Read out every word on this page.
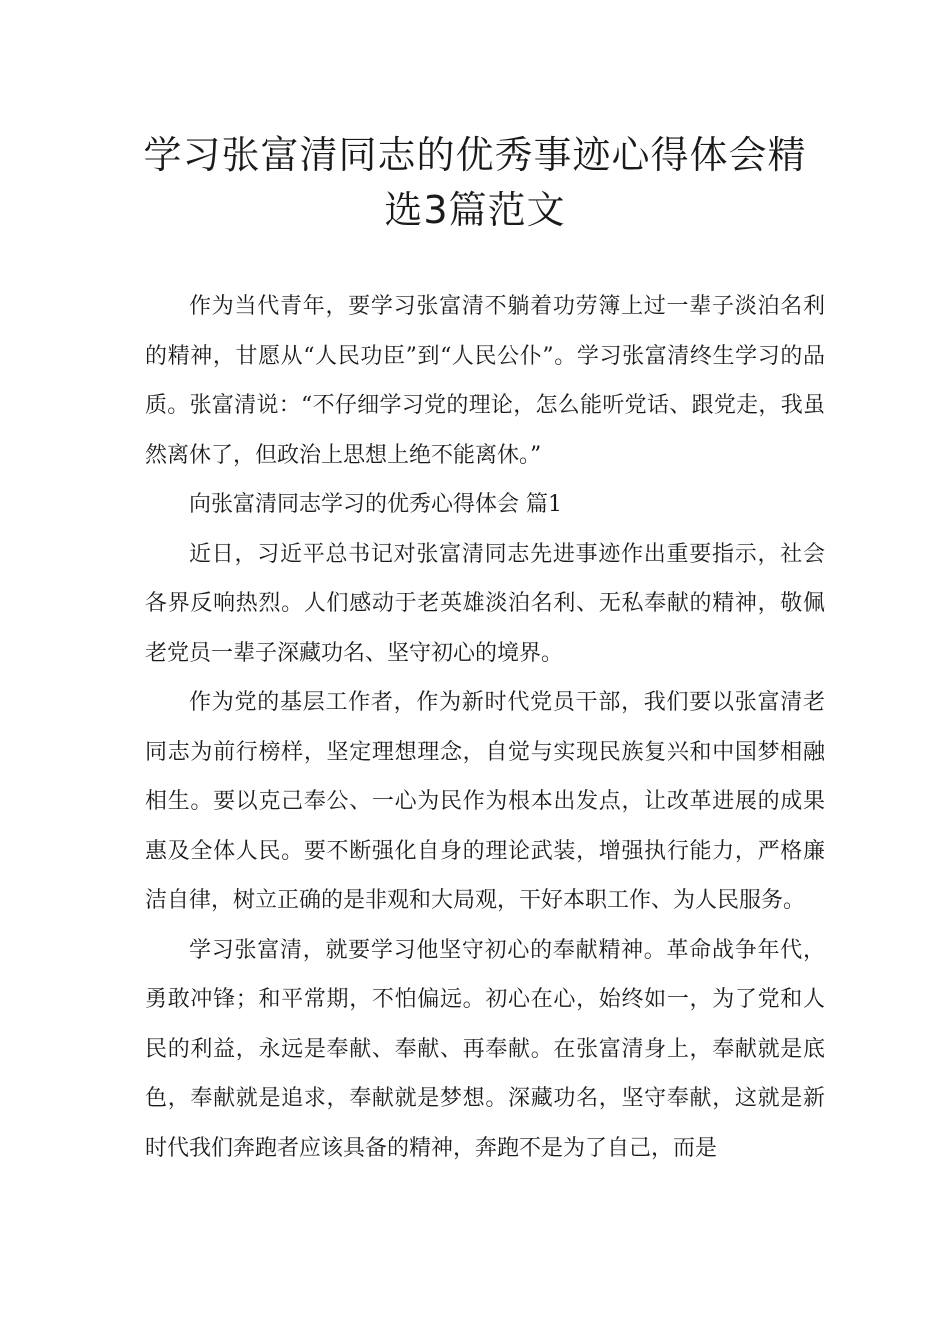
学习张富清同志的优秀事迹心得体会精
选3篇范文

作为当代青年，要学习张富清不躺着功劳簿上过一辈子淡泊名利的精神，甘愿从“人民功臣”到“人民公仆”。学习张富清终生学习的品质。张富清说：“不仔细学习党的理论，怎么能听党话、跟党走，我虽然离休了，但政治上思想上绝不能离休。”

向张富清同志学习的优秀心得体会 篇1

近日，习近平总书记对张富清同志先进事迹作出重要指示，社会各界反响热烈。人们感动于老英雄淡泊名利、无私奉献的精神，敬佩老党员一辈子深藏功名、坚守初心的境界。

作为党的基层工作者，作为新时代党员干部，我们要以张富清老同志为前行榜样，坚定理想理念，自觉与实现民族复兴和中国梦相融相生。要以克己奉公、一心为民作为根本出发点，让改革进展的成果惠及全体人民。要不断强化自身的理论武装，增强执行能力，严格廉洁自律，树立正确的是非观和大局观，干好本职工作、为人民服务。

学习张富清，就要学习他坚守初心的奉献精神。革命战争年代，勇敢冲锋；和平常期，不怕偏远。初心在心，始终如一，为了党和人民的利益，永远是奉献、奉献、再奉献。在张富清身上，奉献就是底色，奉献就是追求，奉献就是梦想。深藏功名，坚守奉献，这就是新时代我们奔跑者应该具备的精神，奔跑不是为了自己，而是
